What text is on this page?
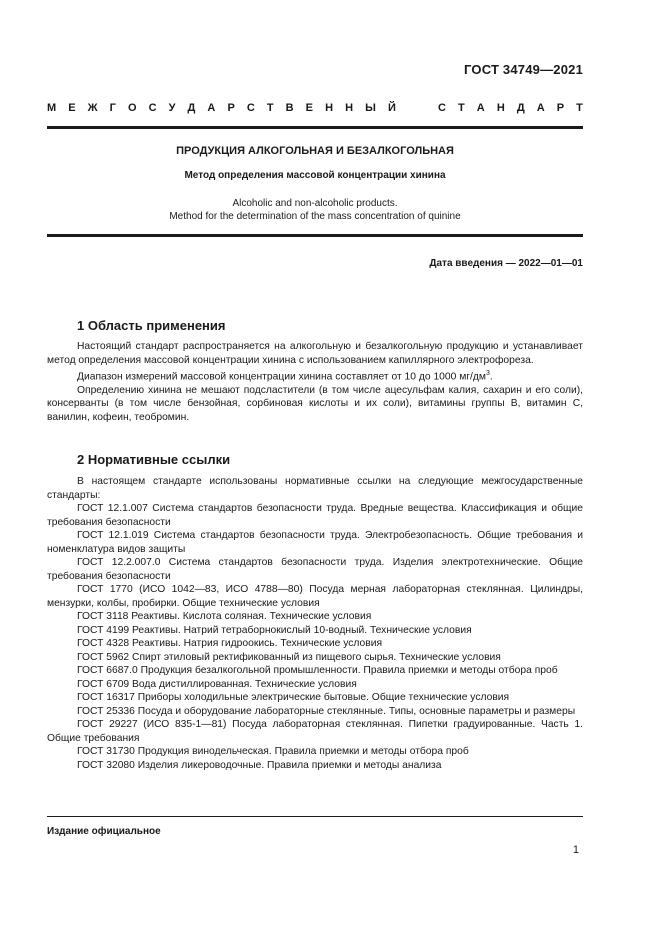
ГОСТ 34749—2021
М Е Ж Г О С У Д А Р С Т В Е Н Н Ы Й	С Т А Н Д А Р Т
ПРОДУКЦИЯ АЛКОГОЛЬНАЯ И БЕЗАЛКОГОЛЬНАЯ
Метод определения массовой концентрации хинина
Alcoholic and non-alcoholic products.
Method for the determination of the mass concentration of quinine
Дата введения — 2022—01—01
1 Область применения

Настоящий стандарт распространяется на алкогольную и безалкогольную продукцию и устанавливает метод определения массовой концентрации хинина с использованием капиллярного электрофореза.

Диапазон измерений массовой концентрации хинина составляет от 10 до 1000 $мг/дм^3$.

Определению хинина не мешают подсластители (в том числе ацесульфам калия, сахарин и его соли), консерванты (в том числе бензойная, сорбиновая кислоты и их соли), витамины группы В, витамин С, ванилин, кофеин, теобромин.

2 Нормативные ссылки

В настоящем стандарте использованы нормативные ссылки на следующие межгосударственные стандарты:

ГОСТ 12.1.007 Система стандартов безопасности труда. Вредные вещества. Классификация и общие требования безопасности

ГОСТ 12.1.019 Система стандартов безопасности труда. Электробезопасность. Общие требования и номенклатура видов защиты

ГОСТ 12.2.007.0 Система стандартов безопасности труда. Изделия электротехнические. Общие требования безопасности

ГОСТ 1770 (ИСО 1042—83, ИСО 4788—80) Посуда мерная лабораторная стеклянная. Цилиндры, мензурки, колбы, пробирки. Общие технические условия

ГОСТ 3118 Реактивы. Кислота соляная. Технические условия

ГОСТ 4199 Реактивы. Натрий тетраборнокислый 10-водный. Технические условия

ГОСТ 4328 Реактивы. Натрия гидроокись. Технические условия

ГОСТ 5962 Спирт этиловый ректификованный из пищевого сырья. Технические условия

ГОСТ 6687.0 Продукция безалкогольной промышленности. Правила приемки и методы отбора проб

ГОСТ 6709 Вода дистиллированная. Технические условия

ГОСТ 16317 Приборы холодильные электрические бытовые. Общие технические условия

ГОСТ 25336 Посуда и оборудование лабораторные стеклянные. Типы, основные параметры и размеры

ГОСТ 29227 (ИСО 835-1—81) Посуда лабораторная стеклянная. Пипетки градуированные. Часть 1. Общие требования

ГОСТ 31730 Продукция винодельческая. Правила приемки и методы отбора проб

ГОСТ 32080 Изделия ликероводочные. Правила приемки и методы анализа

Издание официальное
1
